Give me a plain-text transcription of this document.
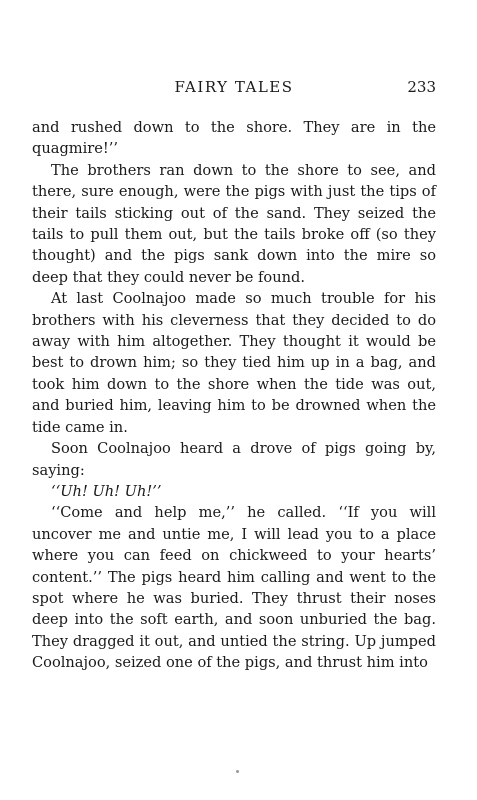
FAIRY TALES	233

and rushed down to the shore. They are in the quagmire!’’

The brothers ran down to the shore to see, and there, sure enough, were the pigs with just the tips of their tails sticking out of the sand. They seized the tails to pull them out, but the tails broke off (so they thought) and the pigs sank down into the mire so deep that they could never be found.

At last Coolnajoo made so much trouble for his brothers with his cleverness that they decided to do away with him altogether. They thought it would be best to drown him; so they tied him up in a bag, and took him down to the shore when the tide was out, and buried him, leaving him to be drowned when the tide came in.

Soon Coolnajoo heard a drove of pigs going by, saying:

‘‘Uh! Uh! Uh!’’

‘‘Come and help me,’’ he called. ‘‘If you will uncover me and untie me, I will lead you to a place where you can feed on chickweed to your hearts’ content.’’ The pigs heard him calling and went to the spot where he was buried. They thrust their noses deep into the soft earth, and soon unburied the bag. They dragged it out, and untied the string. Up jumped Coolnajoo, seized one of the pigs, and thrust him into
